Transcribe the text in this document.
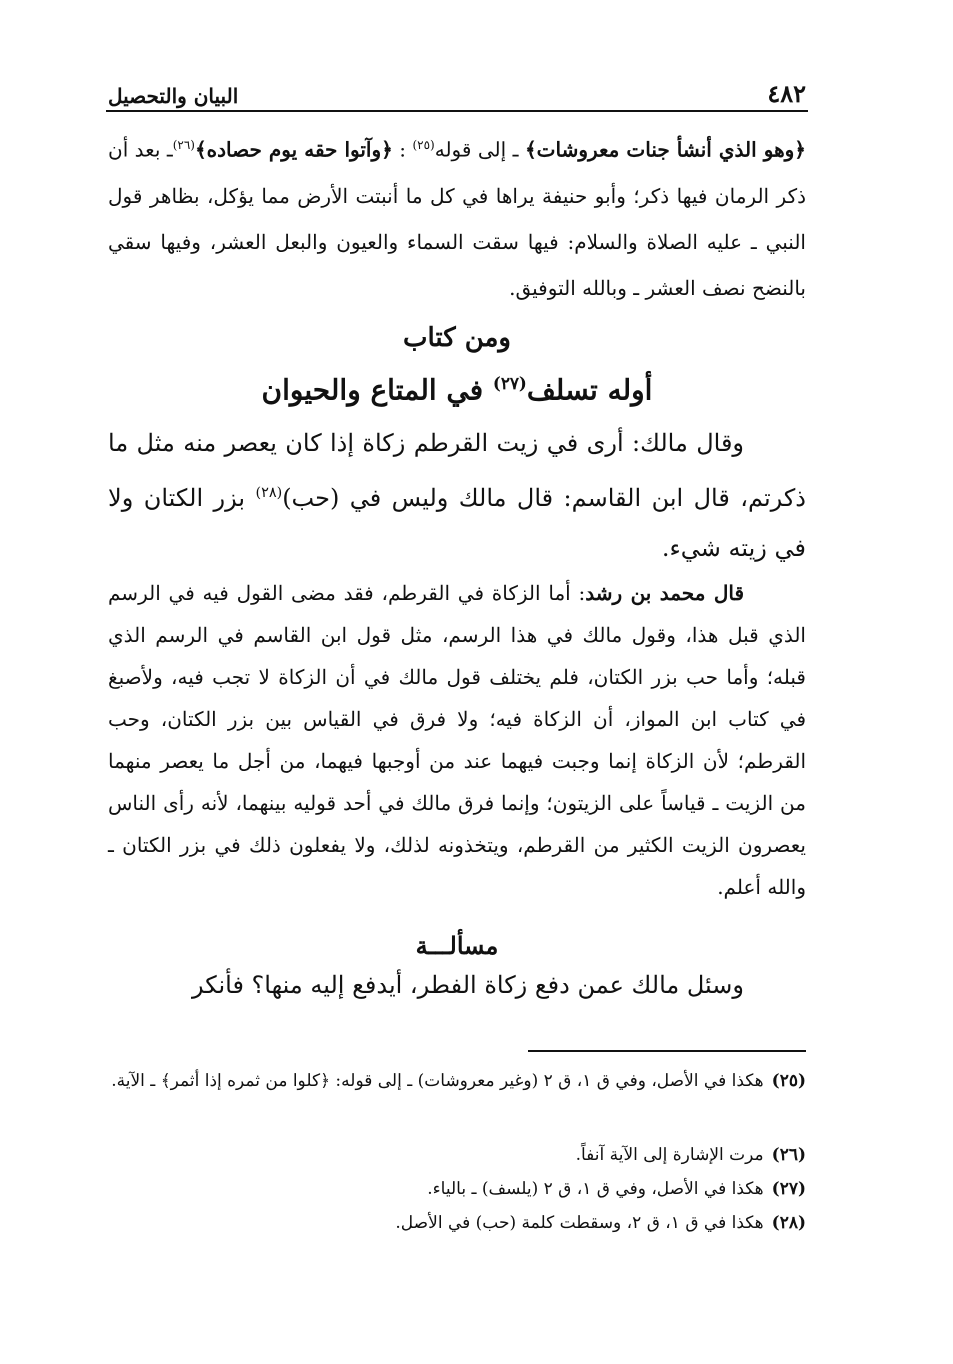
٤٨٢
البيان والتحصيل
﴿وهو الذي أنشأ جنات معروشات﴾ ـ إلى قوله$^{(٢٥)}$ : ﴿وآتوا حقه يوم حصاده﴾$^{(٢٦)}$ـ بعد أن ذكر الرمان فيها ذكر؛ وأبو حنيفة يراها في كل ما أنبتت الأرض مما يؤكل، بظاهر قول النبي ـ عليه الصلاة والسلام: فيها سقت السماء والعيون والبعل العشر، وفيها سقي بالنضح نصف العشر ـ وبالله التوفيق.
ومن كتاب
أوله تسلف$^{(٢٧)}$ في المتاع والحيوان
وقال مالك: أرى في زيت القرطم زكاة إذا كان يعصر منه مثل ما ذكرتم، قال ابن القاسم: قال مالك وليس في (حب)$^{(٢٨)}$ بزر الكتان ولا في زيته شيء.
قال محمد بن رشد: أما الزكاة في القرطم، فقد مضى القول فيه في الرسم الذي قبل هذا، وقول مالك في هذا الرسم، مثل قول ابن القاسم في الرسم الذي قبله؛ وأما حب بزر الكتان، فلم يختلف قول مالك في أن الزكاة لا تجب فيه، ولأصبغ في كتاب ابن المواز، أن الزكاة فيه؛ ولا فرق في القياس بين بزر الكتان، وحب القرطم؛ لأن الزكاة إنما وجبت فيهما عند من أوجبها فيهما، من أجل ما يعصر منهما من الزيت ـ قياساً على الزيتون؛ وإنما فرق مالك في أحد قوليه بينهما، لأنه رأى الناس يعصرون الزيت الكثير من القرطم، ويتخذونه لذلك، ولا يفعلون ذلك في بزر الكتان ـ والله أعلم.
مسألـــة
وسئل مالك عمن دفع زكاة الفطر، أيدفع إليه منها؟ فأنكر
(٢٥)هكذا في الأصل، وفي ق ١، ق ٢ (وغير معروشات) ـ إلى قوله: ﴿كلوا من ثمره إذا أثمر﴾ ـ الآية.
(٢٦)مرت الإشارة إلى الآية آنفاً.
(٢٧)هكذا في الأصل، وفي ق ١، ق ٢ (يلسف) ـ بالياء.
(٢٨)هكذا في ق ١، ق ٢، وسقطت كلمة (حب) في الأصل.
